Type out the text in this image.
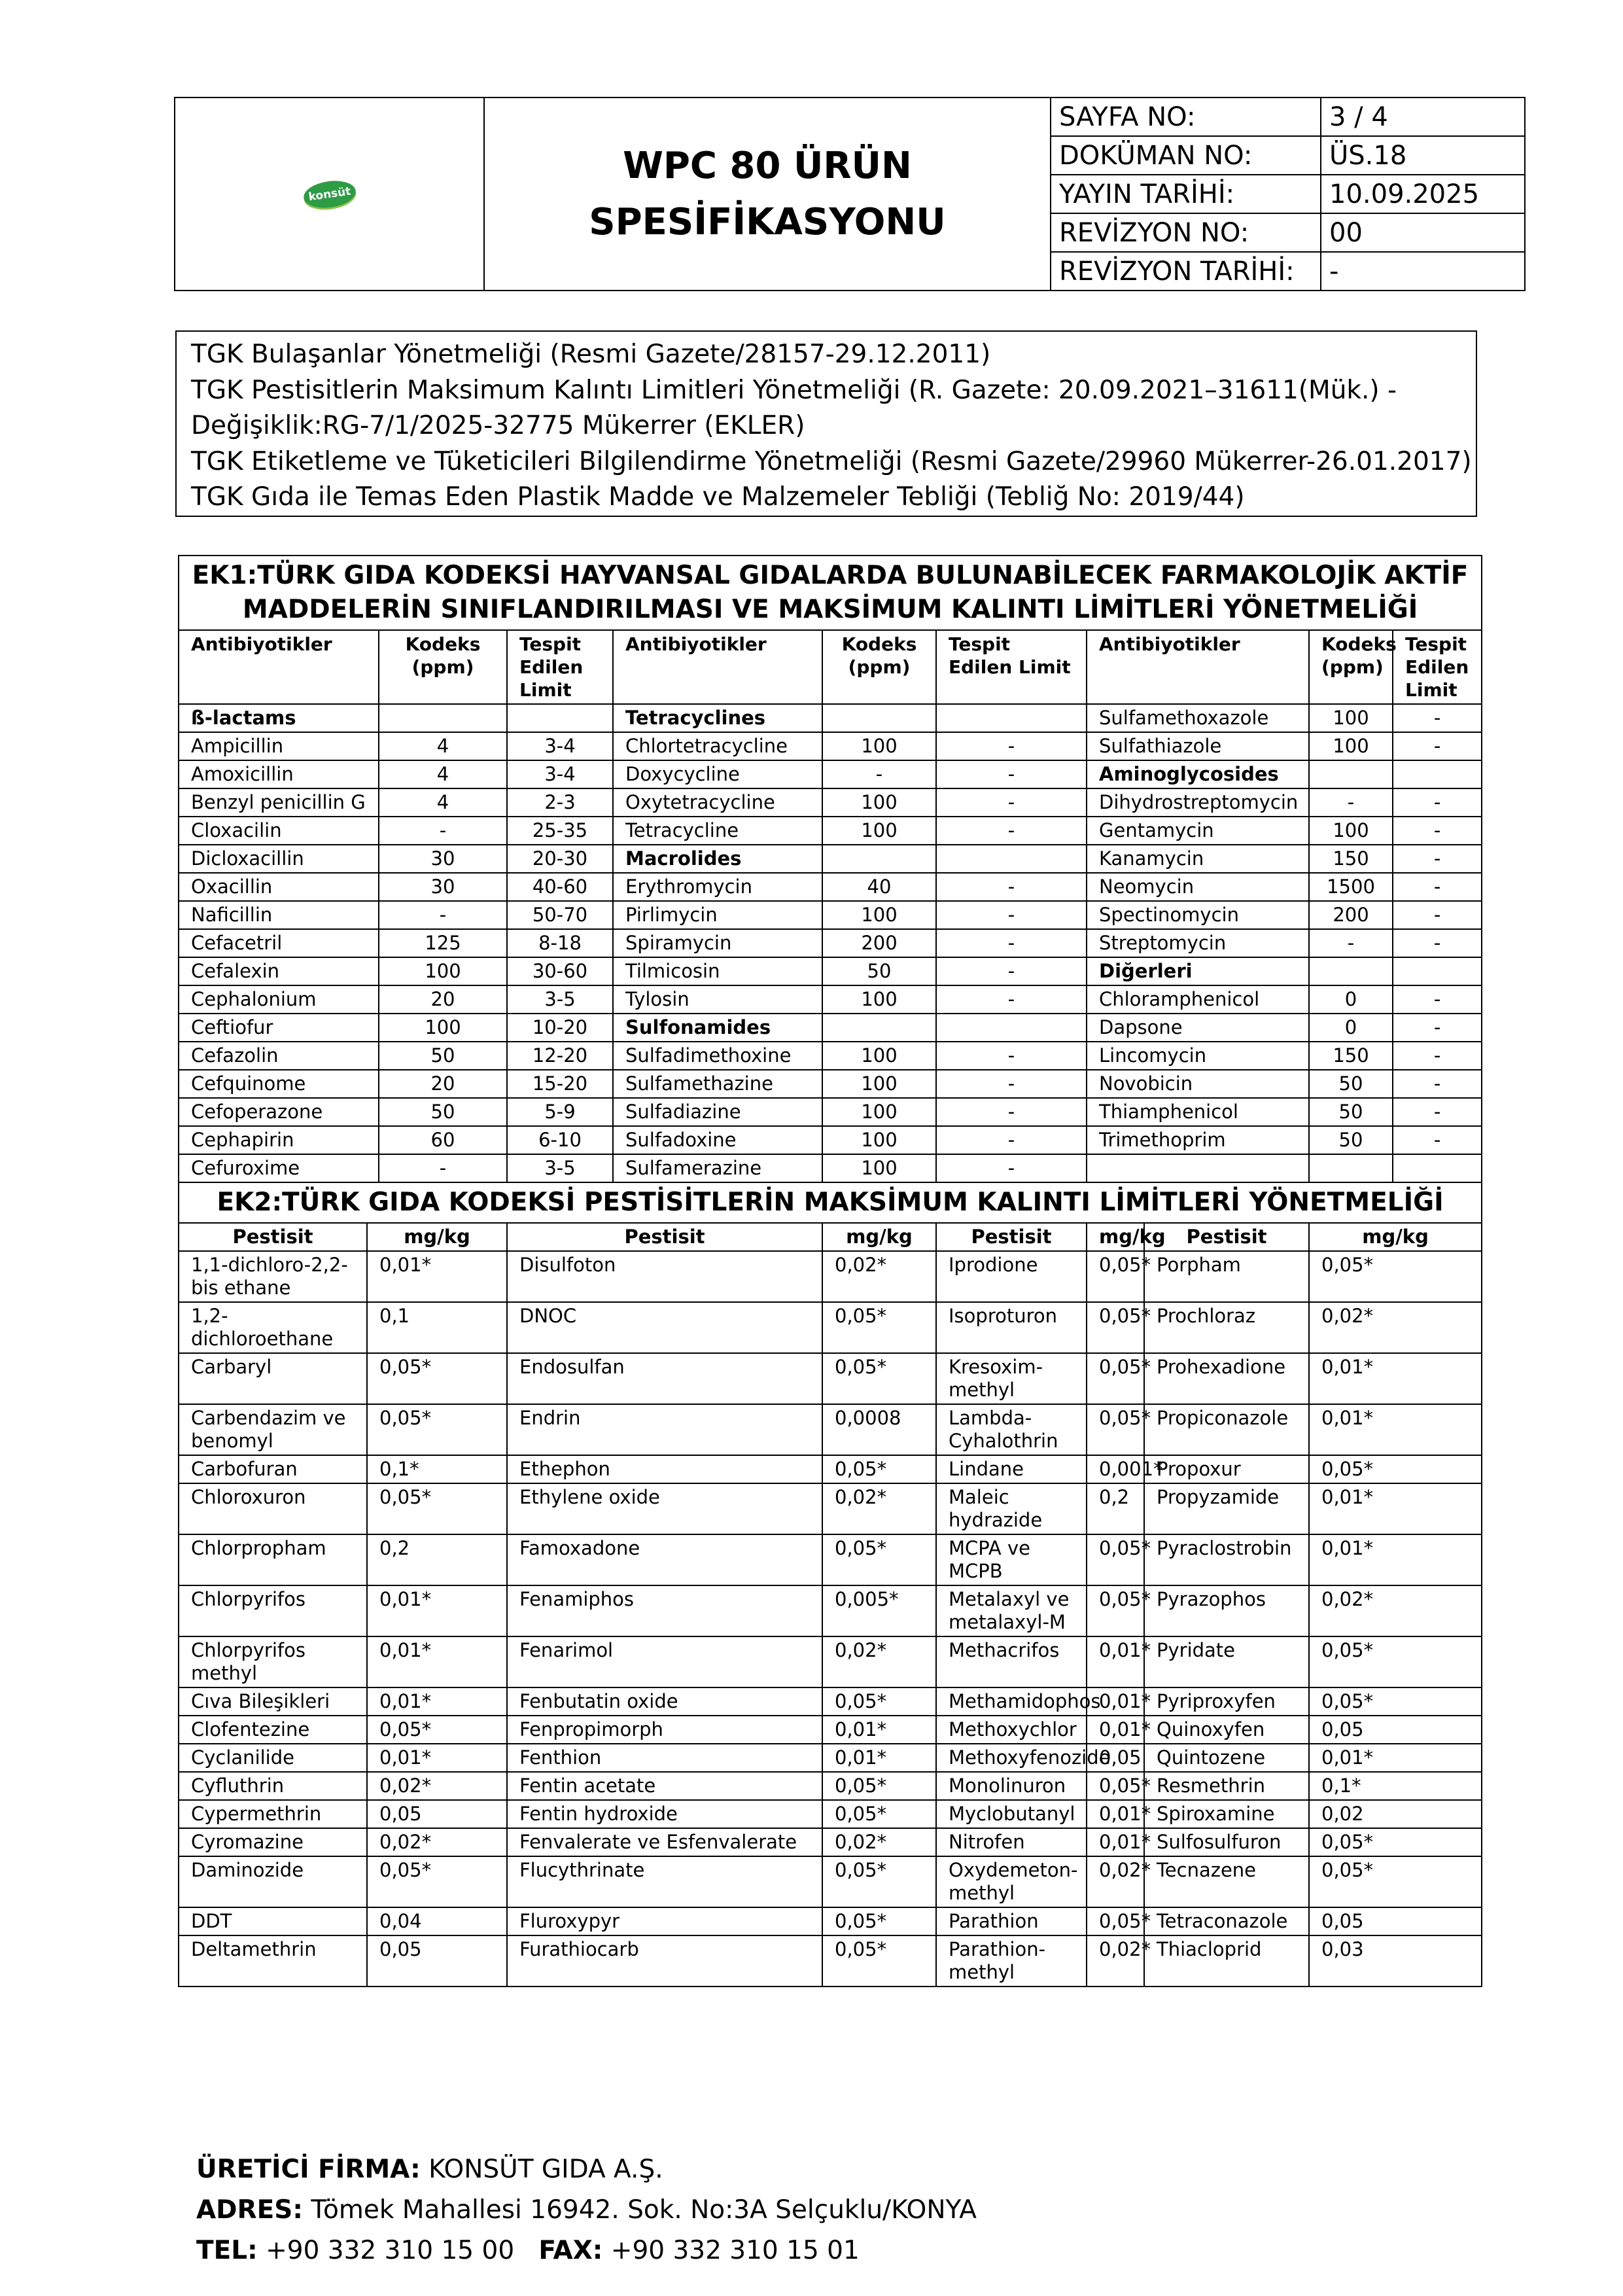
konsüt	WPC 80 ÜRÜN
SPESİFİKASYONU	SAYFA NO:	3 / 4
		DOKÜMAN NO:	ÜS.18
		YAYIN TARİHİ:	10.09.2025
		REVİZYON NO:	00
		REVİZYON TARİHİ:	-
TGK Bulaşanlar Yönetmeliği (Resmi Gazete/28157-29.12.2011)
TGK Pestisitlerin Maksimum Kalıntı Limitleri Yönetmeliği (R. Gazete: 20.09.2021–31611(Mük.) -
Değişiklik:RG-7/1/2025-32775 Mükerrer (EKLER)
TGK Etiketleme ve Tüketicileri Bilgilendirme Yönetmeliği (Resmi Gazete/29960 Mükerrer-26.01.2017)
TGK Gıda ile Temas Eden Plastik Madde ve Malzemeler Tebliği (Tebliğ No: 2019/44)
EK1:TÜRK GIDA KODEKSİ HAYVANSAL GIDALARDA BULUNABİLECEK FARMAKOLOJİK AKTİF
MADDELERİN SINIFLANDIRILMASI VE MAKSİMUM KALINTI LİMİTLERİ YÖNETMELİĞİ										

Antibiyotikler		Kodeks (ppm)	Tespit Edilen Limit	Antibiyotikler	Kodeks (ppm)	Tespit Edilen Limit	Antibiyotikler		Kodeks (ppm)	Tespit Edilen Limit
ß-lactams				Tetracyclines			Sulfamethoxazole		100	-
Ampicillin		4	3-4	Chlortetracycline	100	-	Sulfathiazole		100	-
Amoxicillin		4	3-4	Doxycycline	-	-	Aminoglycosides			
Benzyl penicillin G		4	2-3	Oxytetracycline	100	-	Dihydrostreptomycin		-	-
Cloxacilin		-	25-35	Tetracycline	100	-	Gentamycin		100	-
Dicloxacillin		30	20-30	Macrolides			Kanamycin		150	-
Oxacillin		30	40-60	Erythromycin	40	-	Neomycin		1500	-
Naficillin		-	50-70	Pirlimycin	100	-	Spectinomycin		200	-
Cefacetril		125	8-18	Spiramycin	200	-	Streptomycin		-	-
Cefalexin		100	30-60	Tilmicosin	50	-	Diğerleri			
Cephalonium		20	3-5	Tylosin	100	-	Chloramphenicol		0	-
Ceftiofur		100	10-20	Sulfonamides			Dapsone		0	-
Cefazolin		50	12-20	Sulfadimethoxine	100	-	Lincomycin		150	-
Cefquinome		20	15-20	Sulfamethazine	100	-	Novobicin		50	-
Cefoperazone		50	5-9	Sulfadiazine	100	-	Thiamphenicol		50	-
Cephapirin		60	6-10	Sulfadoxine	100	-	Trimethoprim		50	-
Cefuroxime		-	3-5	Sulfamerazine	100	-				
EK2:TÜRK GIDA KODEKSİ PESTİSİTLERİN MAKSİMUM KALINTI LİMİTLERİ YÖNETMELİĞİ										
Pestisit	mg/kg		Pestisit		mg/kg	Pestisit	mg/kg	Pestisit	mg/kg	
1,1-dichloro-2,2-bis ethane	0,01*		Disulfoton		0,02*	Iprodione	0,05*	Porpham	0,05*	
1,2-dichloroethane	0,1		DNOC		0,05*	Isoproturon	0,05*	Prochloraz	0,02*	
Carbaryl	0,05*		Endosulfan		0,05*	Kresoxim-methyl	0,05*	Prohexadione	0,01*	
Carbendazim ve benomyl	0,05*		Endrin		0,0008	Lambda-Cyhalothrin	0,05*	Propiconazole	0,01*	
Carbofuran	0,1*		Ethephon		0,05*	Lindane	0,001*	Propoxur	0,05*	
Chloroxuron	0,05*		Ethylene oxide		0,02*	Maleic hydrazide	0,2	Propyzamide	0,01*	
Chlorpropham	0,2		Famoxadone		0,05*	MCPA ve MCPB	0,05*	Pyraclostrobin	0,01*	
Chlorpyrifos	0,01*		Fenamiphos		0,005*	Metalaxyl ve metalaxyl-M	0,05*	Pyrazophos	0,02*	
Chlorpyrifos methyl	0,01*		Fenarimol		0,02*	Methacrifos	0,01*	Pyridate	0,05*	
Cıva Bileşikleri	0,01*		Fenbutatin oxide		0,05*	Methamidophos	0,01*	Pyriproxyfen	0,05*	
Clofentezine	0,05*		Fenpropimorph		0,01*	Methoxychlor	0,01*	Quinoxyfen	0,05	
Cyclanilide	0,01*		Fenthion		0,01*	Methoxyfenozide	0,05	Quintozene	0,01*	
Cyfluthrin	0,02*		Fentin acetate		0,05*	Monolinuron	0,05*	Resmethrin	0,1*	
Cypermethrin	0,05		Fentin hydroxide		0,05*	Myclobutanyl	0,01*	Spiroxamine	0,02	
Cyromazine	0,02*		Fenvalerate ve Esfenvalerate		0,02*	Nitrofen	0,01*	Sulfosulfuron	0,05*	
Daminozide	0,05*		Flucythrinate		0,05*	Oxydemeton-methyl	0,02*	Tecnazene	0,05*	
DDT	0,04		Fluroxypyr		0,05*	Parathion	0,05*	Tetraconazole	0,05	
Deltamethrin	0,05		Furathiocarb		0,05*	Parathion-methyl	0,02*	Thiacloprid	0,03	
ÜRETİCİ FİRMA: KONSÜT GIDA A.Ş.
ADRES: Tömek Mahallesi 16942. Sok. No:3A Selçuklu/KONYA
TEL: +90 332 310 15 00 FAX: +90 332 310 15 01
